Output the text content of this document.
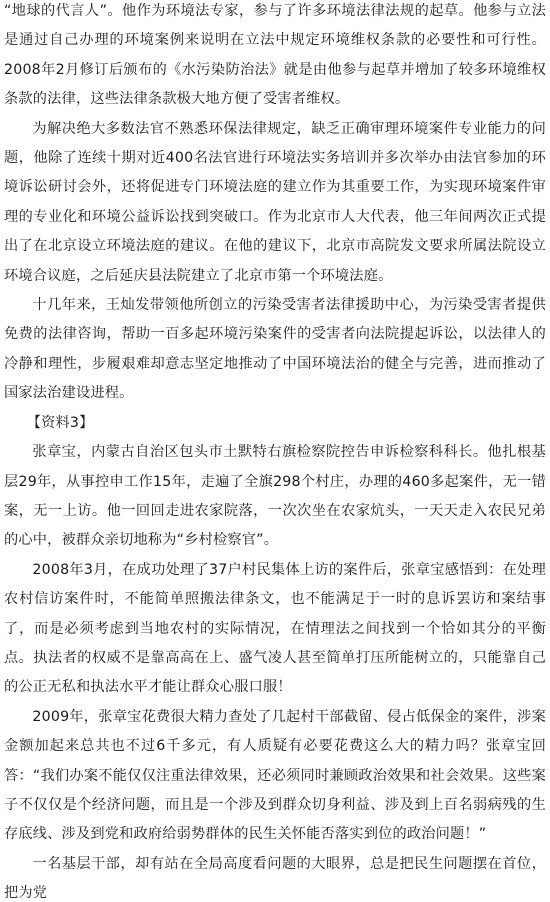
“地球的代言人”。他作为环境法专家，参与了许多环境法律法规的起草。他参与立法是通过自己办理的环境案例来说明在立法中规定环境维权条款的必要性和可行性。2008年2月修订后颁布的《水污染防治法》就是由他参与起草并增加了较多环境维权条款的法律，这些法律条款极大地方便了受害者维权。

为解决绝大多数法官不熟悉环保法律规定，缺乏正确审理环境案件专业能力的问题，他除了连续十期对近400名法官进行环境法实务培训并多次举办由法官参加的环境诉讼研讨会外，还将促进专门环境法庭的建立作为其重要工作，为实现环境案件审理的专业化和环境公益诉讼找到突破口。作为北京市人大代表，他三年间两次正式提出了在北京设立环境法庭的建议。在他的建议下，北京市高院发文要求所属法院设立环境合议庭，之后延庆县法院建立了北京市第一个环境法庭。

十几年来，王灿发带领他所创立的污染受害者法律援助中心，为污染受害者提供免费的法律咨询，帮助一百多起环境污染案件的受害者向法院提起诉讼，以法律人的冷静和理性，步履艰难却意志坚定地推动了中国环境法治的健全与完善，进而推动了国家法治建设进程。

【资料3】

张章宝，内蒙古自治区包头市土默特右旗检察院控告申诉检察科科长。他扎根基层29年，从事控申工作15年，走遍了全旗298个村庄，办理的460多起案件，无一错案，无一上访。他一回回走进农家院落，一次次坐在农家炕头，一天天走入农民兄弟的心中，被群众亲切地称为“乡村检察官”。

2008年3月，在成功处理了37户村民集体上访的案件后，张章宝感悟到：在处理农村信访案件时，不能简单照搬法律条文，也不能满足于一时的息诉罢访和案结事了，而是必须考虑到当地农村的实际情况，在情理法之间找到一个恰如其分的平衡点。执法者的权威不是靠高高在上、盛气凌人甚至简单打压所能树立的，只能靠自己的公正无私和执法水平才能让群众心服口服！

2009年，张章宝花费很大精力查处了几起村干部截留、侵占低保金的案件，涉案金额加起来总共也不过6千多元，有人质疑有必要花费这么大的精力吗？张章宝回答：“我们办案不能仅仅注重法律效果，还必须同时兼顾政治效果和社会效果。这些案子不仅仅是个经济问题，而且是一个涉及到群众切身利益、涉及到上百名弱病残的生存底线、涉及到党和政府给弱势群体的民生关怀能否落实到位的政治问题！”

一名基层干部，却有站在全局高度看问题的大眼界，总是把民生问题摆在首位，把为党
